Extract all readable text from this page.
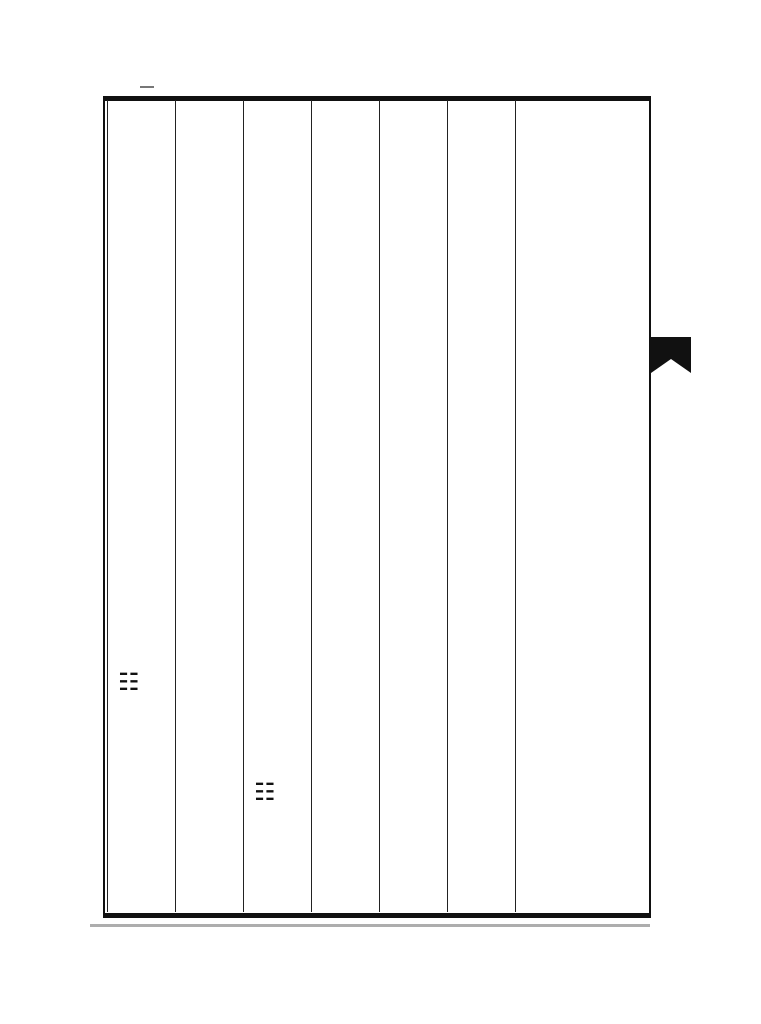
☷
☷
